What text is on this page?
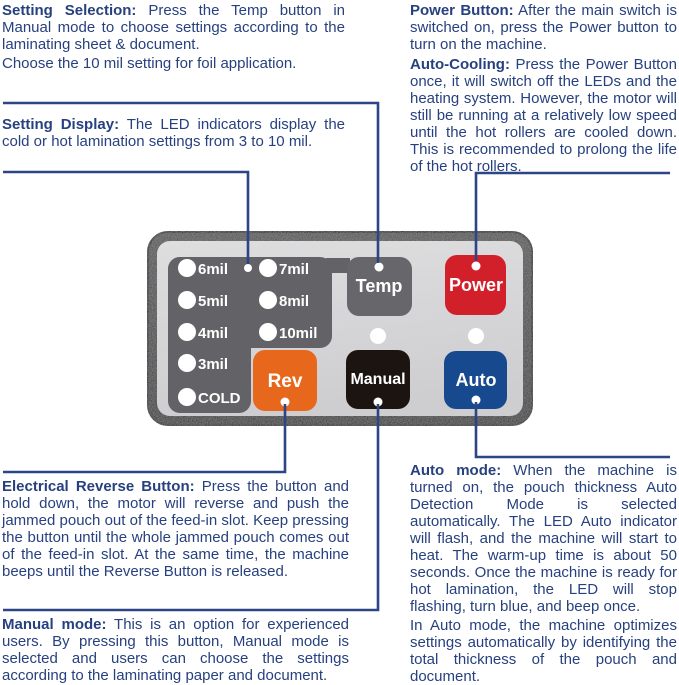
6mil
5mil
4mil
3mil
COLD
7mil
8mil
10mil
Temp	Power
Rev	Manual	Auto

Setting Selection: Press the Temp button in Manual mode to choose settings according to the laminating sheet & document.

Choose the 10 mil setting for foil application.

Setting Display: The LED indicators display the cold or hot lamination settings from 3 to 10 mil.

Power Button: After the main switch is switched on, press the Power button to turn on the machine.

Auto-Cooling: Press the Power Button once, it will switch off the LEDs and the heating system. However, the motor will still be running at a relatively low speed until the hot rollers are cooled down. This is recommended to prolong the life of the hot rollers.

Electrical Reverse Button: Press the button and hold down, the motor will reverse and push the jammed pouch out of the feed-in slot. Keep pressing the button until the whole jammed pouch comes out of the feed-in slot. At the same time, the machine beeps until the Reverse Button is released.

Manual mode: This is an option for experienced users. By pressing this button, Manual mode is selected and users can choose the settings according to the laminating paper and document.

Auto mode: When the machine is turned on, the pouch thickness Auto Detection Mode is selected automatically. The LED Auto indicator will flash, and the machine will start to heat. The warm-up time is about 50 seconds. Once the machine is ready for hot lamination, the LED will stop flashing, turn blue, and beep once.

In Auto mode, the machine optimizes settings automatically by identifying the total thickness of the pouch and document.
